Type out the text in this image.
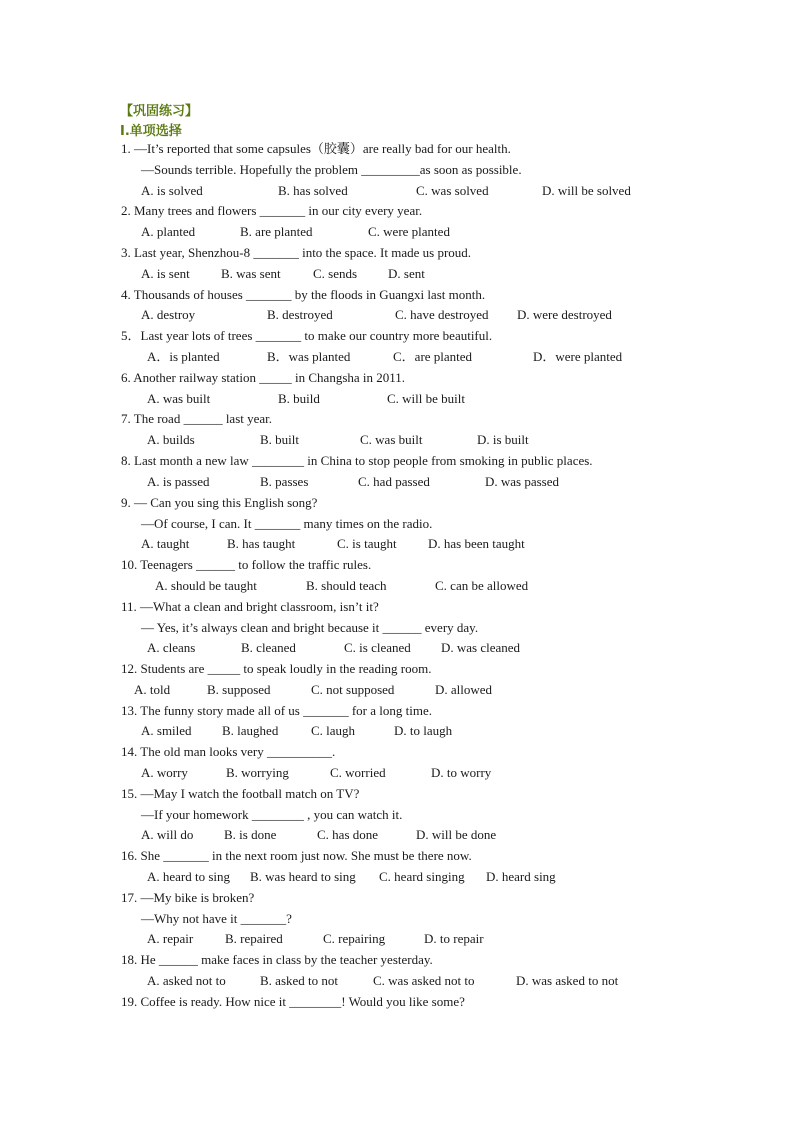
【巩固练习】
I.单项选择
1. —It’s reported that some capsules（胶囊）are really bad for our health.
—Sounds terrible. Hopefully the problem _________as soon as possible.
A. is solved	B. has solved	C. was solved	D. will be solved
2. Many trees and flowers _______ in our city every year.
A. planted	B. are planted	C. were planted
3. Last year, Shenzhou-8 _______ into the space. It made us proud.
A. is sent B. was sent C. sends D. sent
4. Thousands of houses _______ by the floods in Guangxi last month.
A. destroy	B. destroyed	C. have destroyed D. were destroyed
5．Last year lots of trees _______ to make our country more beautiful.
A．is planted	B．was planted	C．are planted	D．were planted
6. Another railway station _____ in Changsha in 2011.
A. was built	B. build	C. will be built
7. The road ______ last year.
A. builds	B. built	C. was built	D. is built
8. Last month a new law ________ in China to stop people from smoking in public places.
A. is passed	B. passes	C. had passed	D. was passed
9. — Can you sing this English song?
—Of course, I can. It _______ many times on the radio.
A. taught	B. has taught	C. is taught D. has been taught
10. Teenagers ______ to follow the traffic rules.
A. should be taught	B. should teach	C. can be allowed
11. —What a clean and bright classroom, isn’t it?
— Yes, it’s always clean and bright because it ______ every day.
A. cleans	B. cleaned	C. is cleaned D. was cleaned
12. Students are _____ to speak loudly in the reading room.
A. told	B. supposed	C. not supposed	D. allowed
13. The funny story made all of us _______ for a long time.
A. smiled B. laughed	C. laugh	D. to laugh
14. The old man looks very __________.
A. worry	B. worrying	C. worried	D. to worry
15. —May I watch the football match on TV?
—If your homework ________ , you can watch it.
A. will do B. is done	C. has done	D. will be done
16. She _______ in the next room just now. She must be there now.
A. heard to sing B. was heard to sing C. heard singing D. heard sing
17. —My bike is broken?
—Why not have it _______?
A. repair B. repaired	C. repairing	D. to repair
18. He ______ make faces in class by the teacher yesterday.
A. asked not to	B. asked to not	C. was asked not to	D. was asked to not
19. Coffee is ready. How nice it ________! Would you like some?
